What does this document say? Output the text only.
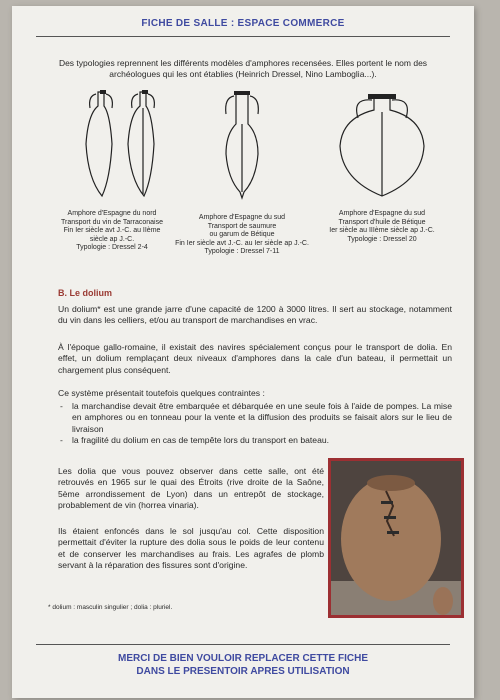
FICHE DE SALLE : ESPACE COMMERCE
Des typologies reprennent les différents modèles d'amphores recensées. Elles portent le nom des archéologues qui les ont établies (Heinrich Dressel, Nino Lamboglia...).
Amphore d'Espagne du nord
Transport du vin de Tarraconaise
Fin Ier siècle avt J.-C. au IIème
siècle ap J.-C.
Typologie : Dressel 2-4
Amphore d'Espagne du sud
Transport de saumure
ou garum de Bétique
Fin Ier siècle avt J.-C. au Ier siècle ap J.-C.
Typologie : Dressel 7-11
Amphore d'Espagne du sud
Transport d'huile de Bétique
Ier siècle au IIIème siècle ap J.-C.
Typologie : Dressel 20
B. Le dolium
Un dolium* est une grande jarre d'une capacité de 1200 à 3000 litres. Il sert au stockage, notamment du vin dans les celliers, et/ou au transport de marchandises en vrac.
À l'époque gallo-romaine, il existait des navires spécialement conçus pour le transport de dolia. En effet, un dolium remplaçant deux niveaux d'amphores dans la cale d'un bateau, il permettait un chargement plus conséquent.
Ce système présentait toutefois quelques contraintes :
- la marchandise devait être embarquée et débarquée en une seule fois à l'aide de pompes. La mise en amphores ou en tonneau pour la vente et la diffusion des produits se faisait alors sur le lieu de livraison
- la fragilité du dolium en cas de tempête lors du transport en bateau.
Les dolia que vous pouvez observer dans cette salle, ont été retrouvés en 1965 sur le quai des Étroits (rive droite de la Saône, 5ème arrondissement de Lyon) dans un entrepôt de stockage, probablement de vin (horrea vinaria).
Ils étaient enfoncés dans le sol jusqu'au col. Cette disposition permettait d'éviter la rupture des dolia sous le poids de leur contenu et de conserver les marchandises au frais. Les agrafes de plomb servant à la réparation des fissures sont d'origine.
* dolium : masculin singulier ; dolia : pluriel.
MERCI DE BIEN VOULOIR REPLACER CETTE FICHE
DANS LE PRESENTOIR APRES UTILISATION
